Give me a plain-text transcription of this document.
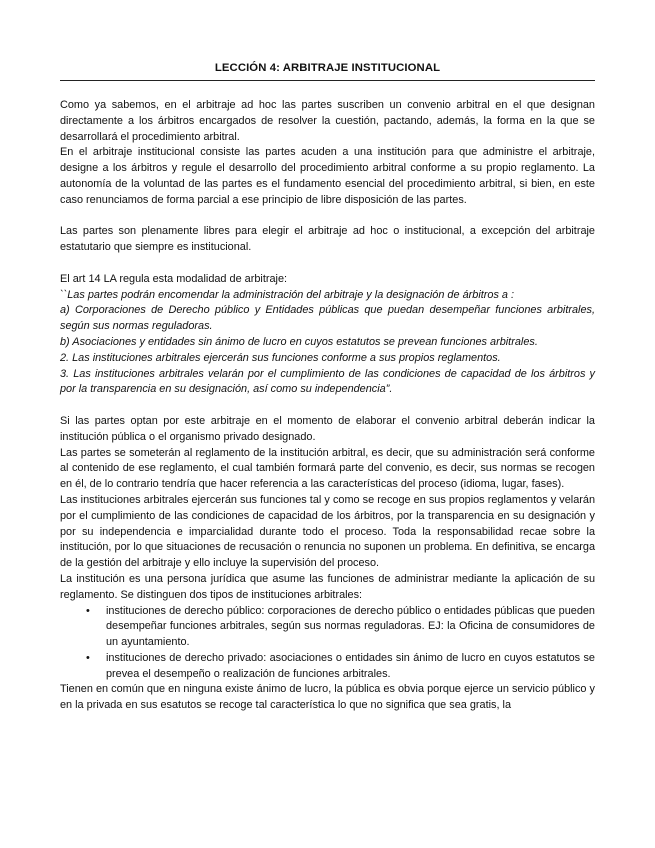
LECCIÓN 4: ARBITRAJE INSTITUCIONAL

Como ya sabemos, en el arbitraje ad hoc las partes suscriben un convenio arbitral en el que designan directamente a los árbitros encargados de resolver la cuestión, pactando, además, la forma en la que se desarrollará el procedimiento arbitral.

En el arbitraje institucional consiste las partes acuden a una institución para que administre el arbitraje, designe a los árbitros y regule el desarrollo del procedimiento arbitral conforme a su propio reglamento. La autonomía de la voluntad de las partes es el fundamento esencial del procedimiento arbitral, si bien, en este caso renunciamos de forma parcial a ese principio de libre disposición de las partes.

Las partes son plenamente libres para elegir el arbitraje ad hoc o institucional, a excepción del arbitraje estatutario que siempre es institucional.

El art 14 LA regula esta modalidad de arbitraje:

``Las partes podrán encomendar la administración del arbitraje y la designación de árbitros a :

a) Corporaciones de Derecho público y Entidades públicas que puedan desempeñar funciones arbitrales, según sus normas reguladoras.

b) Asociaciones y entidades sin ánimo de lucro en cuyos estatutos se prevean funciones arbitrales.

2. Las instituciones arbitrales ejercerán sus funciones conforme a sus propios reglamentos.

3. Las instituciones arbitrales velarán por el cumplimiento de las condiciones de capacidad de los árbitros y por la transparencia en su designación, así como su independencia”.

Si las partes optan por este arbitraje en el momento de elaborar el convenio arbitral deberán indicar la institución pública o el organismo privado designado.

Las partes se someterán al reglamento de la institución arbitral, es decir, que su administración será conforme al contenido de ese reglamento, el cual también formará parte del convenio, es decir, sus normas se recogen en él, de lo contrario tendría que hacer referencia a las características del proceso (idioma, lugar, fases).

Las instituciones arbitrales ejercerán sus funciones tal y como se recoge en sus propios reglamentos y velarán por el cumplimiento de las condiciones de capacidad de los árbitros, por la transparencia en su designación y por su independencia e imparcialidad durante todo el proceso. Toda la responsabilidad recae sobre la institución, por lo que situaciones de recusación o renuncia no suponen un problema. En definitiva, se encarga de la gestión del arbitraje y ello incluye la supervisión del proceso.

La institución es una persona jurídica que asume las funciones de administrar mediante la aplicación de su reglamento. Se distinguen dos tipos de instituciones arbitrales:

• instituciones de derecho público: corporaciones de derecho público o entidades públicas que pueden desempeñar funciones arbitrales, según sus normas reguladoras. EJ: la Oficina de consumidores de un ayuntamiento.
• instituciones de derecho privado: asociaciones o entidades sin ánimo de lucro en cuyos estatutos se prevea el desempeño o realización de funciones arbitrales.

Tienen en común que en ninguna existe ánimo de lucro, la pública es obvia porque ejerce un servicio público y en la privada en sus esatutos se recoge tal característica lo que no significa que sea gratis, la
